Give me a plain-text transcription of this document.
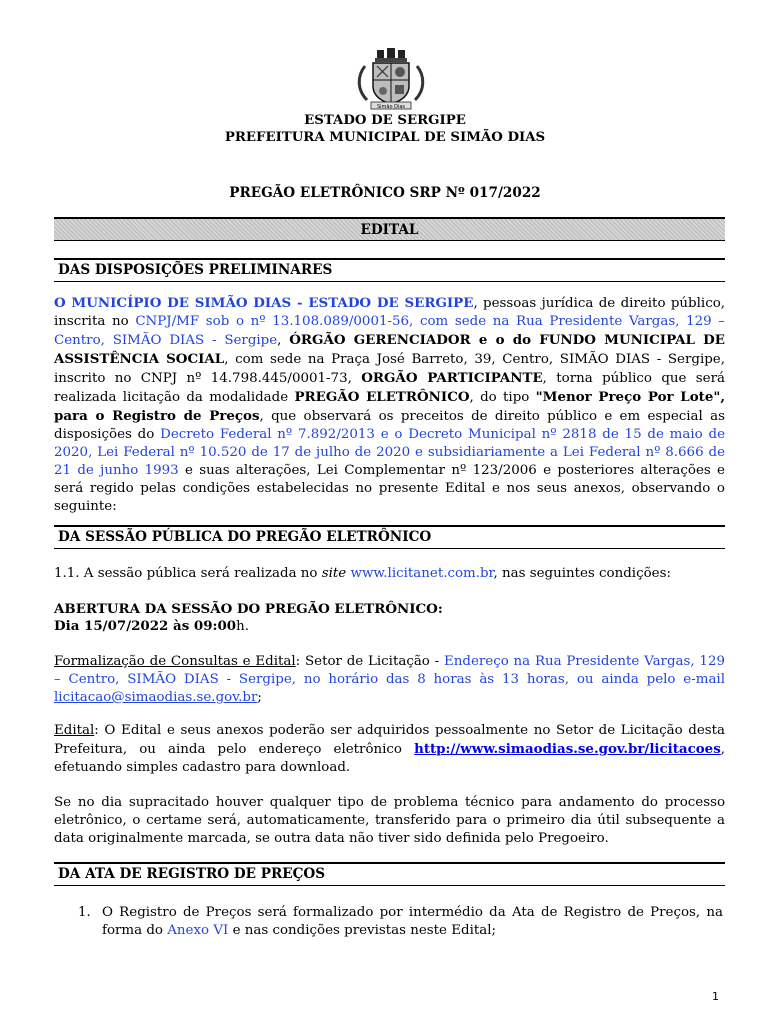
Simão Dias
ESTADO DE SERGIPE
PREFEITURA MUNICIPAL DE SIMÃO DIAS
PREGÃO ELETRÔNICO SRP Nº 017/2022
EDITAL
DAS DISPOSIÇÕES PRELIMINARES

O MUNICÍPIO DE SIMÃO DIAS - ESTADO DE SERGIPE, pessoas jurídica de direito público, inscrita no CNPJ/MF sob o nº 13.108.089/0001-56, com sede na Rua Presidente Vargas, 129 – Centro, SIMÃO DIAS - Sergipe, ÓRGÃO GERENCIADOR e o do FUNDO MUNICIPAL DE ASSISTÊNCIA SOCIAL, com sede na Praça José Barreto, 39, Centro, SIMÃO DIAS - Sergipe, inscrito no CNPJ nº 14.798.445/0001-73, ORGÃO PARTICIPANTE, torna público que será realizada licitação da modalidade PREGÃO ELETRÔNICO, do tipo "Menor Preço Por Lote", para o Registro de Preços, que observará os preceitos de direito público e em especial as disposições do Decreto Federal nº 7.892/2013 e o Decreto Municipal nº 2818 de 15 de maio de 2020, Lei Federal nº 10.520 de 17 de julho de 2020 e subsidiariamente a Lei Federal nº 8.666 de 21 de junho 1993 e suas alterações, Lei Complementar nº 123/2006 e posteriores alterações e será regido pelas condições estabelecidas no presente Edital e nos seus anexos, observando o seguinte:

DA SESSÃO PÚBLICA DO PREGÃO ELETRÔNICO

1.1. A sessão pública será realizada no site www.licitanet.com.br, nas seguintes condições:

ABERTURA DA SESSÃO DO PREGÃO ELETRÔNICO:

Dia 15/07/2022 às 09:00h.

Formalização de Consultas e Edital: Setor de Licitação - Endereço na Rua Presidente Vargas, 129 – Centro, SIMÃO DIAS - Sergipe, no horário das 8 horas às 13 horas, ou ainda pelo e-mail licitacao@simaodias.se.gov.br;

Edital: O Edital e seus anexos poderão ser adquiridos pessoalmente no Setor de Licitação desta Prefeitura, ou ainda pelo endereço eletrônico http://www.simaodias.se.gov.br/licitacoes, efetuando simples cadastro para download.

Se no dia supracitado houver qualquer tipo de problema técnico para andamento do processo eletrônico, o certame será, automaticamente, transferido para o primeiro dia útil subsequente a data originalmente marcada, se outra data não tiver sido definida pelo Pregoeiro.

DA ATA DE REGISTRO DE PREÇOS
1. O Registro de Preços será formalizado por intermédio da Ata de Registro de Preços, na forma do Anexo VI e nas condições previstas neste Edital;
1
